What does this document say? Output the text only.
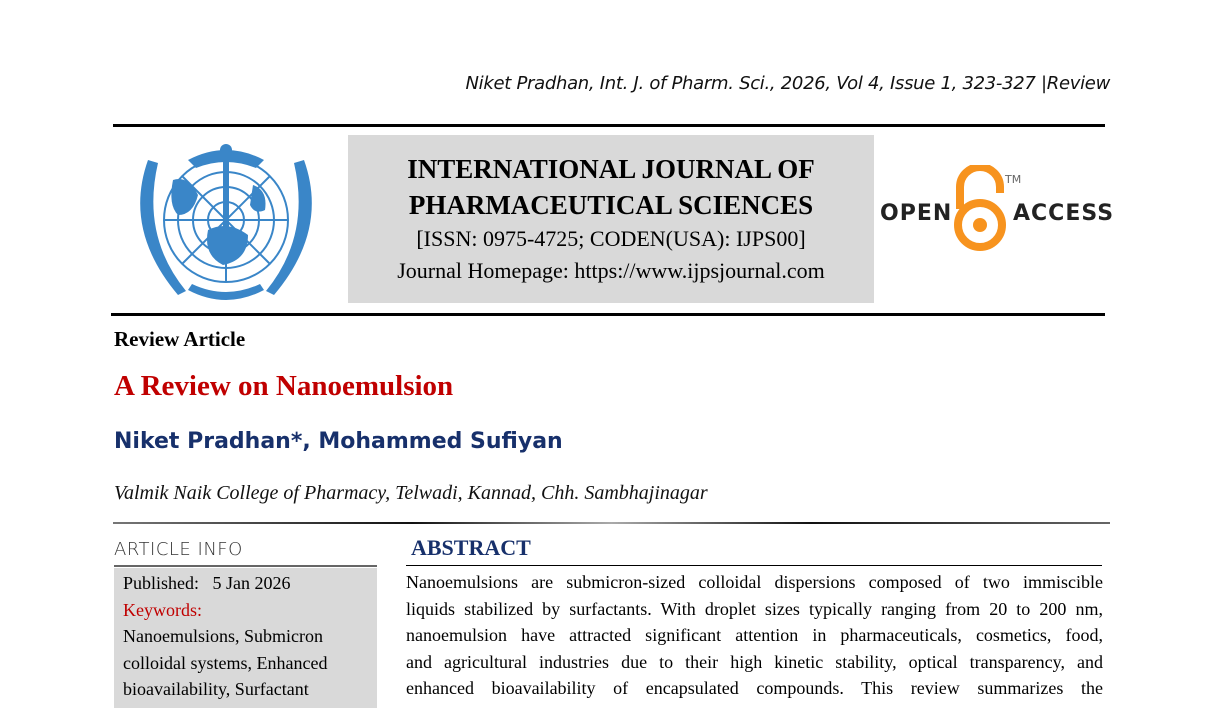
Niket Pradhan, Int. J. of Pharm. Sci., 2026, Vol 4, Issue 1, 323-327 |Review
INTERNATIONAL JOURNAL OF
PHARMACEUTICAL SCIENCES
[ISSN: 0975-4725; CODEN(USA): IJPS00]
Journal Homepage: https://www.ijpsjournal.com
OPEN
TM
ACCESS
Review Article
A Review on Nanoemulsion
Niket Pradhan*, Mohammed Sufiyan
Valmik Naik College of Pharmacy, Telwadi, Kannad, Chh. Sambhajinagar
ARTICLE INFO
Published: 5 Jan 2026
Keywords:
Nanoemulsions, Submicron
colloidal systems, Enhanced
bioavailability, Surfactant
ABSTRACT
Nanoemulsions are submicron-sized colloidal dispersions composed of two immiscible
liquids stabilized by surfactants. With droplet sizes typically ranging from 20 to 200 nm,
nanoemulsion have attracted significant attention in pharmaceuticals, cosmetics, food,
and agricultural industries due to their high kinetic stability, optical transparency, and
enhanced bioavailability of encapsulated compounds. This review summarizes the
